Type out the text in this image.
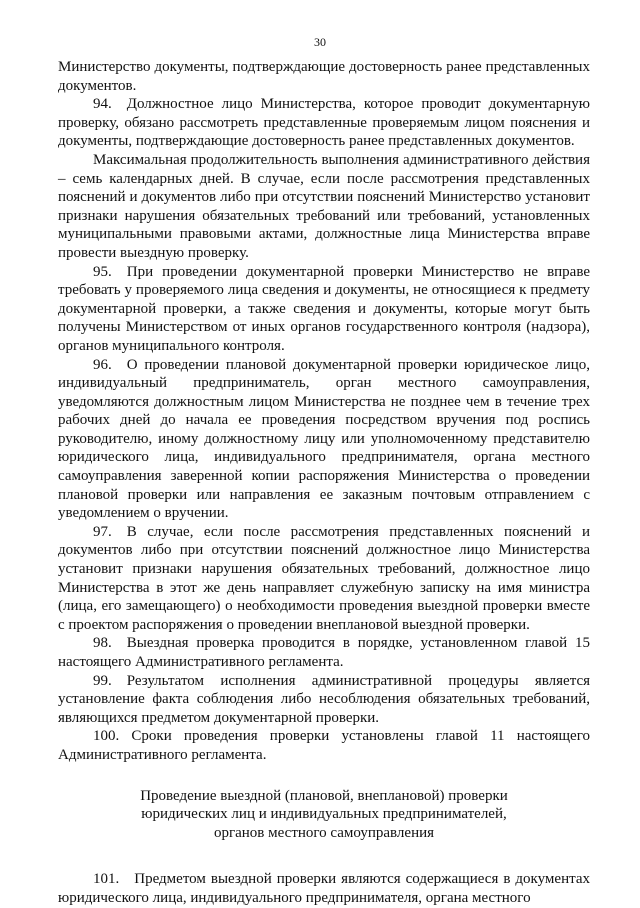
30

Министерство документы, подтверждающие достоверность ранее представленных документов.

94. Должностное лицо Министерства, которое проводит документарную проверку, обязано рассмотреть представленные проверяемым лицом пояснения и документы, подтверждающие достоверность ранее представленных документов.

Максимальная продолжительность выполнения административного действия – семь календарных дней. В случае, если после рассмотрения представленных пояснений и документов либо при отсутствии пояснений Министерство установит признаки нарушения обязательных требований или требований, установленных муниципальными правовыми актами, должностные лица Министерства вправе провести выездную проверку.

95. При проведении документарной проверки Министерство не вправе требовать у проверяемого лица сведения и документы, не относящиеся к предмету документарной проверки, а также сведения и документы, которые могут быть получены Министерством от иных органов государственного контроля (надзора), органов муниципального контроля.

96. О проведении плановой документарной проверки юридическое лицо, индивидуальный предприниматель, орган местного самоуправления, уведомляются должностным лицом Министерства не позднее чем в течение трех рабочих дней до начала ее проведения посредством вручения под роспись руководителю, иному должностному лицу или уполномоченному представителю юридического лица, индивидуального предпринимателя, органа местного самоуправления заверенной копии распоряжения Министерства о проведении плановой проверки или направления ее заказным почтовым отправлением с уведомлением о вручении.

97. В случае, если после рассмотрения представленных пояснений и документов либо при отсутствии пояснений должностное лицо Министерства установит признаки нарушения обязательных требований, должностное лицо Министерства в этот же день направляет служебную записку на имя министра (лица, его замещающего) о необходимости проведения выездной проверки вместе с проектом распоряжения о проведении внеплановой выездной проверки.

98. Выездная проверка проводится в порядке, установленном главой 15 настоящего Административного регламента.

99. Результатом исполнения административной процедуры является установление факта соблюдения либо несоблюдения обязательных требований, являющихся предметом документарной проверки.

100. Сроки проведения проверки установлены главой 11 настоящего Административного регламента.

Проведение выездной (плановой, внеплановой) проверки
юридических лиц и индивидуальных предпринимателей,
органов местного самоуправления

101. Предметом выездной проверки являются содержащиеся в документах юридического лица, индивидуального предпринимателя, органа местного
